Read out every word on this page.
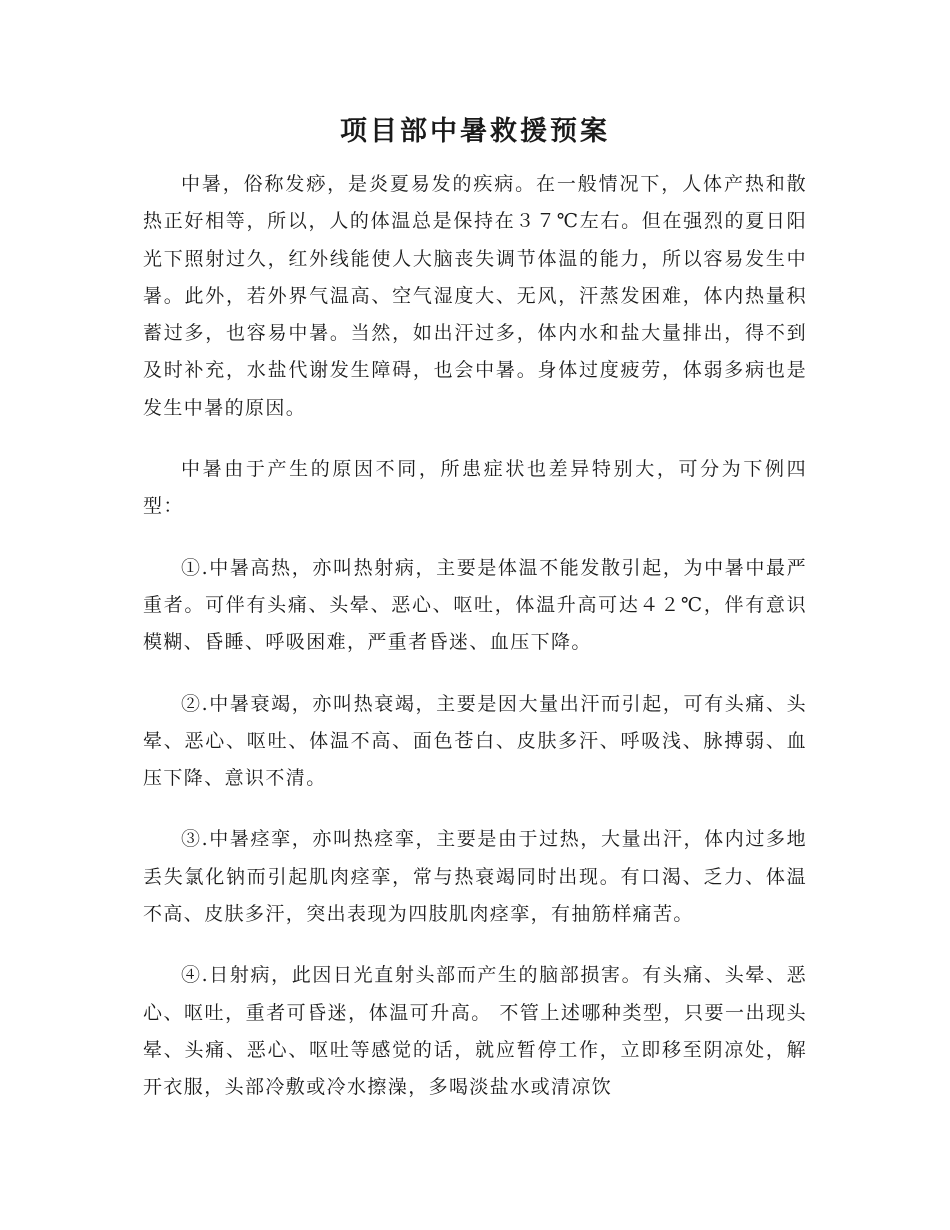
项目部中暑救援预案

中暑，俗称发痧，是炎夏易发的疾病。在一般情况下，人体产热和散热正好相等，所以，人的体温总是保持在３７℃左右。但在强烈的夏日阳光下照射过久，红外线能使人大脑丧失调节体温的能力，所以容易发生中暑。此外，若外界气温高、空气湿度大、无风，汗蒸发困难，体内热量积蓄过多，也容易中暑。当然，如出汗过多，体内水和盐大量排出，得不到及时补充，水盐代谢发生障碍，也会中暑。身体过度疲劳，体弱多病也是发生中暑的原因。

中暑由于产生的原因不同，所患症状也差异特别大，可分为下例四型：

①.中暑高热，亦叫热射病，主要是体温不能发散引起，为中暑中最严重者。可伴有头痛、头晕、恶心、呕吐，体温升高可达４２℃，伴有意识模糊、昏睡、呼吸困难，严重者昏迷、血压下降。

②.中暑衰竭，亦叫热衰竭，主要是因大量出汗而引起，可有头痛、头晕、恶心、呕吐、体温不高、面色苍白、皮肤多汗、呼吸浅、脉搏弱、血压下降、意识不清。

③.中暑痉挛，亦叫热痉挛，主要是由于过热，大量出汗，体内过多地丢失氯化钠而引起肌肉痉挛，常与热衰竭同时出现。有口渴、乏力、体温不高、皮肤多汗，突出表现为四肢肌肉痉挛，有抽筋样痛苦。

④.日射病，此因日光直射头部而产生的脑部损害。有头痛、头晕、恶心、呕吐，重者可昏迷，体温可升高。 不管上述哪种类型，只要一出现头晕、头痛、恶心、呕吐等感觉的话，就应暂停工作，立即移至阴凉处，解开衣服，头部冷敷或冷水擦澡，多喝淡盐水或清凉饮
